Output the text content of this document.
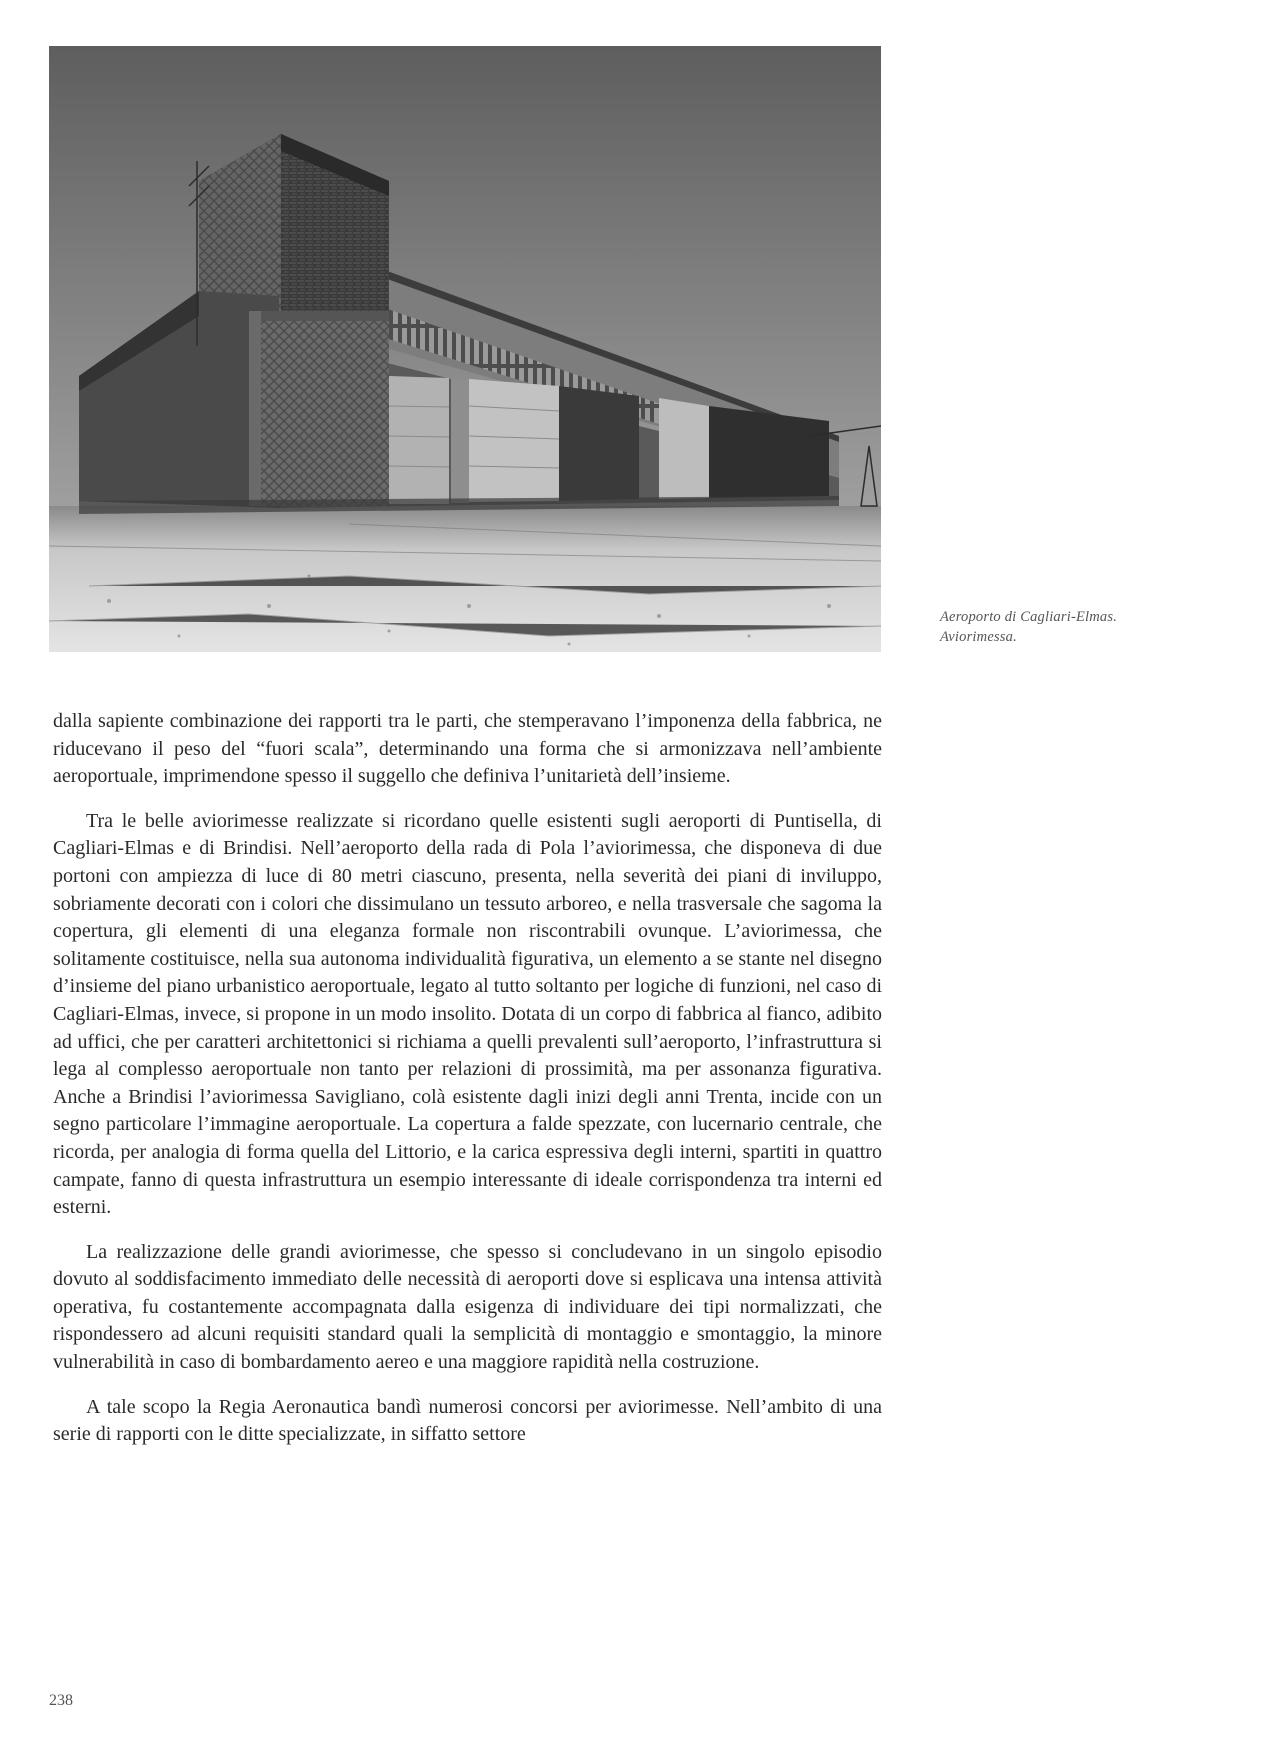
Aeroporto di Cagliari-Elmas.
Aviorimessa.

dalla sapiente combinazione dei rapporti tra le parti, che stemperavano l’imponenza della fabbrica, ne riducevano il peso del “fuori scala”, determinando una forma che si armonizzava nell’ambiente aeroportuale, imprimendone spesso il suggello che definiva l’unitarietà dell’insieme.

Tra le belle aviorimesse realizzate si ricordano quelle esistenti sugli aeroporti di Puntisella, di Cagliari-Elmas e di Brindisi. Nell’aeroporto della rada di Pola l’aviorimessa, che disponeva di due portoni con ampiezza di luce di 80 metri ciascuno, presenta, nella severità dei piani di inviluppo, sobriamente decorati con i colori che dissimulano un tessuto arboreo, e nella trasversale che sagoma la copertura, gli elementi di una eleganza formale non riscontrabili ovunque. L’aviorimessa, che solitamente costituisce, nella sua autonoma individualità figurativa, un elemento a se stante nel disegno d’insieme del piano urbanistico aeroportuale, legato al tutto soltanto per logiche di funzioni, nel caso di Cagliari-Elmas, invece, si propone in un modo insolito. Dotata di un corpo di fabbrica al fianco, adibito ad uffici, che per caratteri architettonici si richiama a quelli prevalenti sull’aeroporto, l’infrastruttura si lega al complesso aeroportuale non tanto per relazioni di prossimità, ma per assonanza figurativa. Anche a Brindisi l’aviorimessa Savigliano, colà esistente dagli inizi degli anni Trenta, incide con un segno particolare l’immagine aeroportuale. La copertura a falde spezzate, con lucernario centrale, che ricorda, per analogia di forma quella del Littorio, e la carica espressiva degli interni, spartiti in quattro campate, fanno di questa infrastruttura un esempio interessante di ideale corrispondenza tra interni ed esterni.

La realizzazione delle grandi aviorimesse, che spesso si concludevano in un singolo episodio dovuto al soddisfacimento immediato delle necessità di aeroporti dove si esplicava una intensa attività operativa, fu costantemente accompagnata dalla esigenza di individuare dei tipi normalizzati, che rispondessero ad alcuni requisiti standard quali la semplicità di montaggio e smontaggio, la minore vulnerabilità in caso di bombardamento aereo e una maggiore rapidità nella costruzione.

A tale scopo la Regia Aeronautica bandì numerosi concorsi per aviorimesse. Nell’ambito di una serie di rapporti con le ditte specializzate, in siffatto settore

238
